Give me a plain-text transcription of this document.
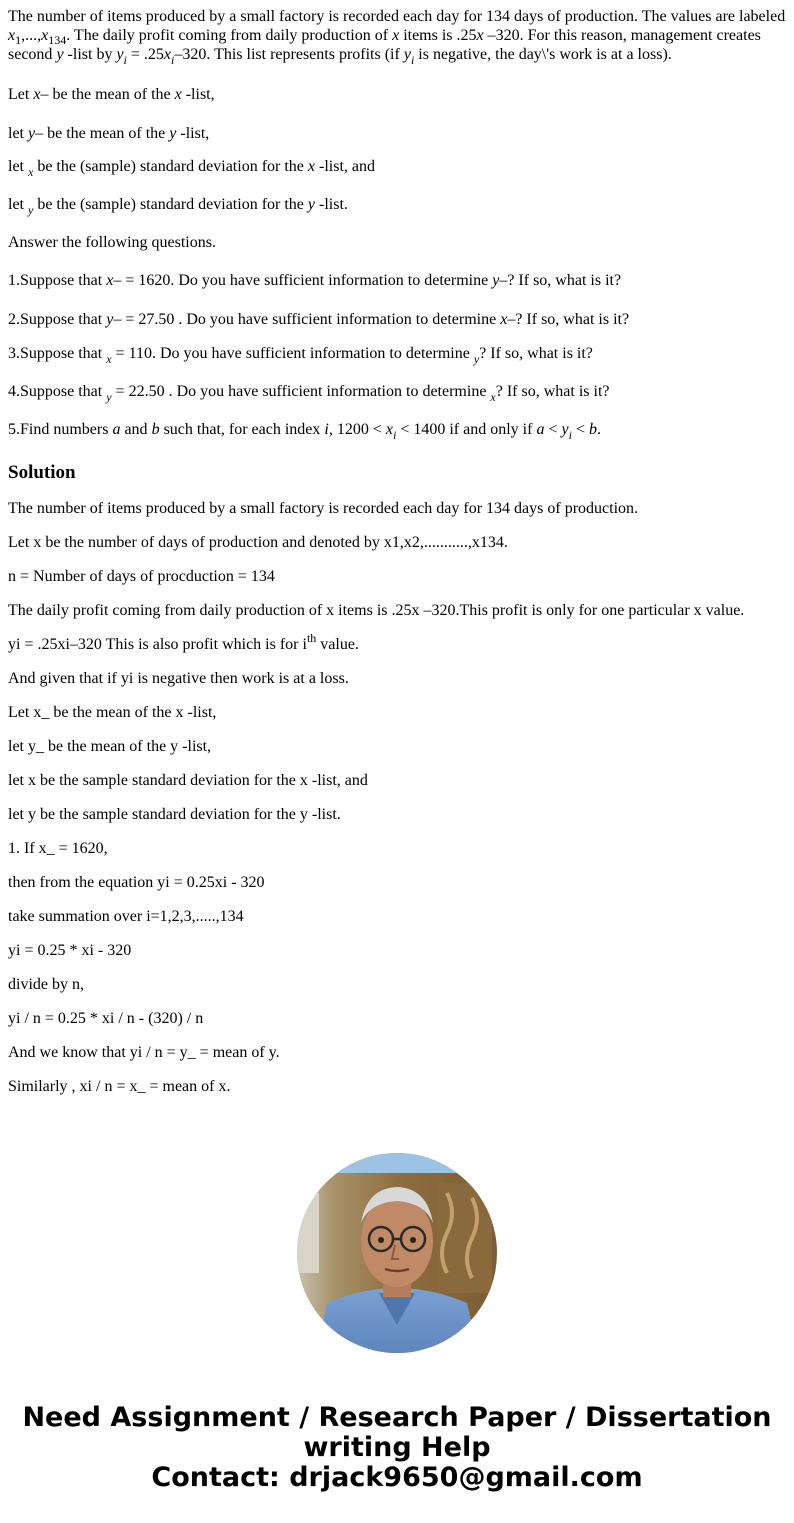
The number of items produced by a small factory is recorded each day for 134 days of production. The values are labeled
$x_1,...,x_{134}$. The daily profit coming from daily production of x items is .25x –320. For this reason, management creates second y -list by $y_i = .25x_i-320$. This list represents profits (if $y_i$ is negative, the day\'s work is at a loss).

Let x– be the mean of the x -list,

let y– be the mean of the y -list,

let $_x$ be the (sample) standard deviation for the x -list, and

let $_y$ be the (sample) standard deviation for the y -list.

Answer the following questions.

1.Suppose that x– = 1620. Do you have sufficient information to determine y–? If so, what is it?

2.Suppose that y– = 27.50 . Do you have sufficient information to determine x–? If so, what is it?

3.Suppose that $_x$ = 110. Do you have sufficient information to determine $_y$? If so, what is it?

4.Suppose that $_y$ = 22.50 . Do you have sufficient information to determine $_x$? If so, what is it?

5.Find numbers a and b such that, for each index i, $1200 < x_i < 1400$ if and only if $a < y_i < b$.

Solution

The number of items produced by a small factory is recorded each day for 134 days of production.

Let x be the number of days of production and denoted by x1,x2,...........,x134.

n = Number of days of procduction = 134

The daily profit coming from daily production of x items is .25x –320.This profit is only for one particular x value.

yi = .25xi–320 This is also profit which is for $i^{th}$ value.

And given that if yi is negative then work is at a loss.

Let x_ be the mean of the x -list,

let y_ be the mean of the y -list,

let x be the sample standard deviation for the x -list, and

let y be the sample standard deviation for the y -list.

1. If x_ = 1620,

then from the equation yi = 0.25xi - 320

take summation over i=1,2,3,.....,134

yi = 0.25 * xi - 320

divide by n,

yi / n = 0.25 * xi / n - (320) / n

And we know that yi / n = y_ = mean of y.

Similarly , xi / n = x_ = mean of x.

Need Assignment / Research Paper / Dissertation
writing Help
Contact: drjack9650@gmail.com
